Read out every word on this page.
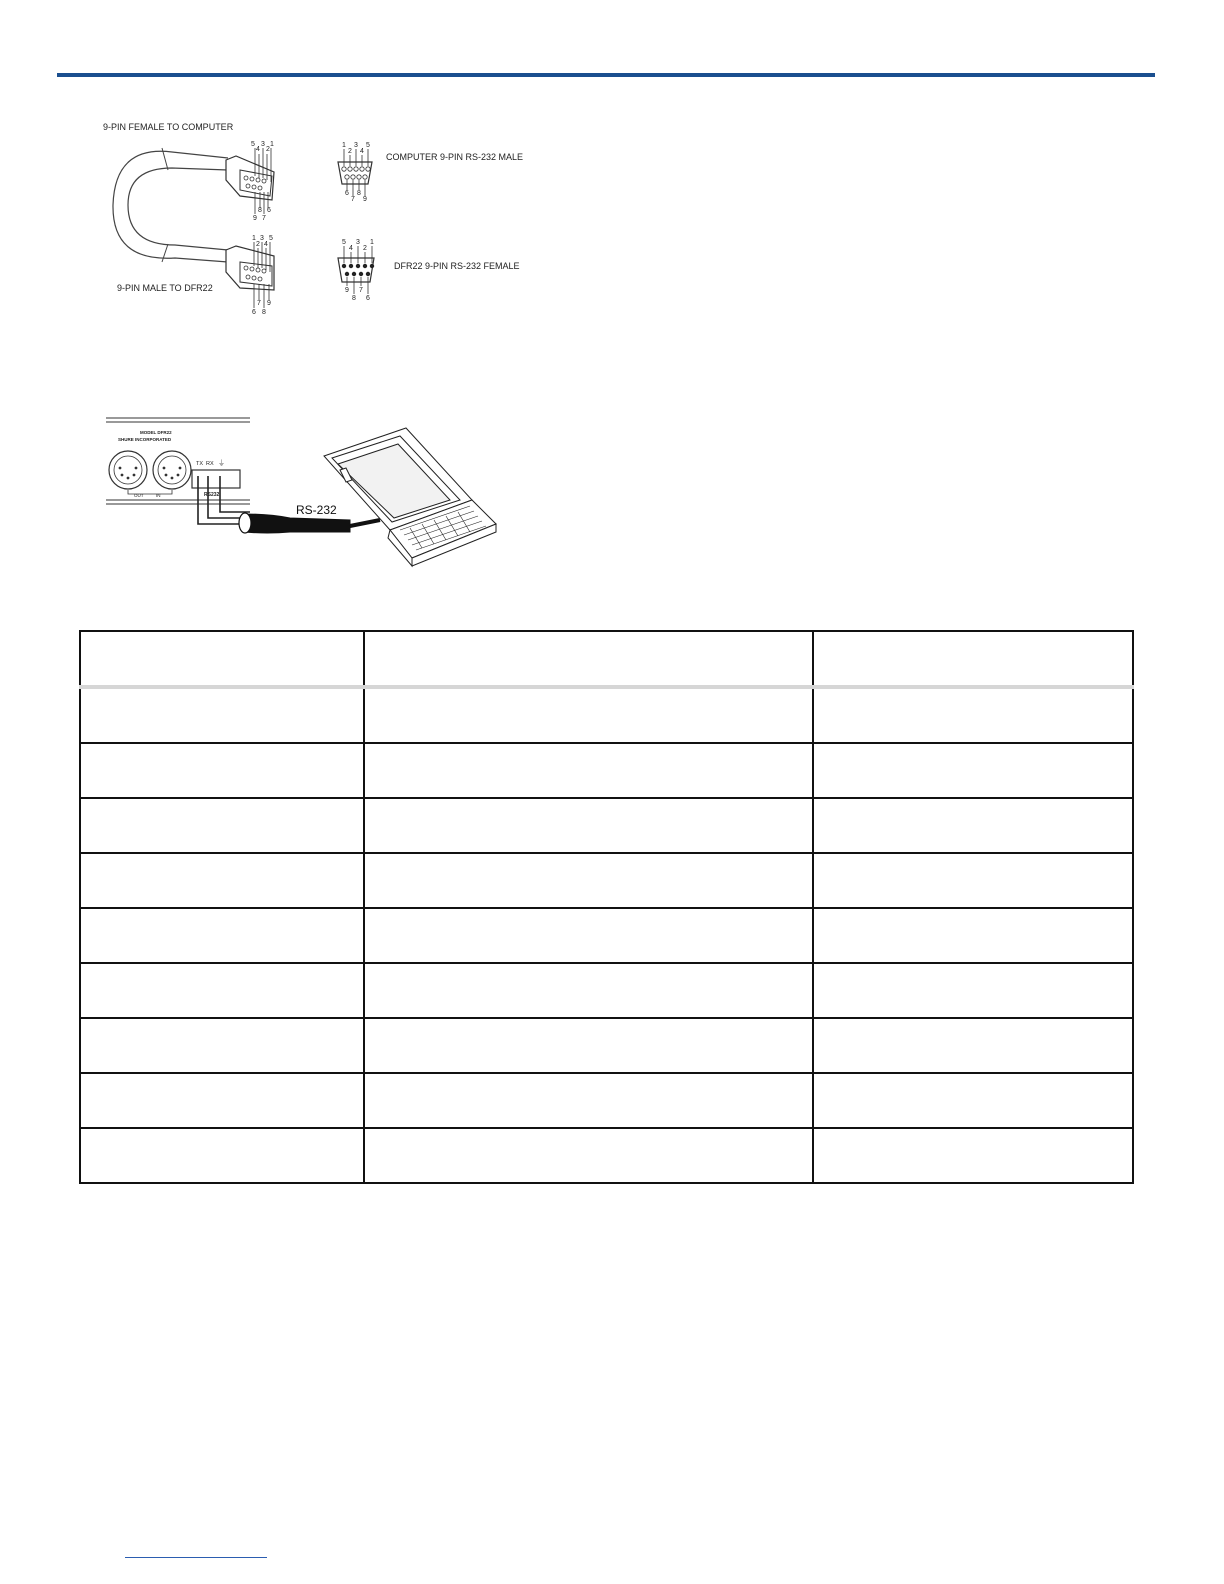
9-PIN FEMALE TO COMPUTER
9-PIN MALE TO DFR22
COMPUTER 9-PIN RS-232 MALE
DFR22 9-PIN RS-232 FEMALE
5
4
3
2
1
9
8
7
6
1
2
3
4
5
6
7
8
9
1
2
3
4
5
6
7
8
9
5
4
3
2
1
9
8
7
6
MODEL DFR22
SHURE INCORPORATED
OUT	IN
TX RX ⏚
RS232
RS-232
